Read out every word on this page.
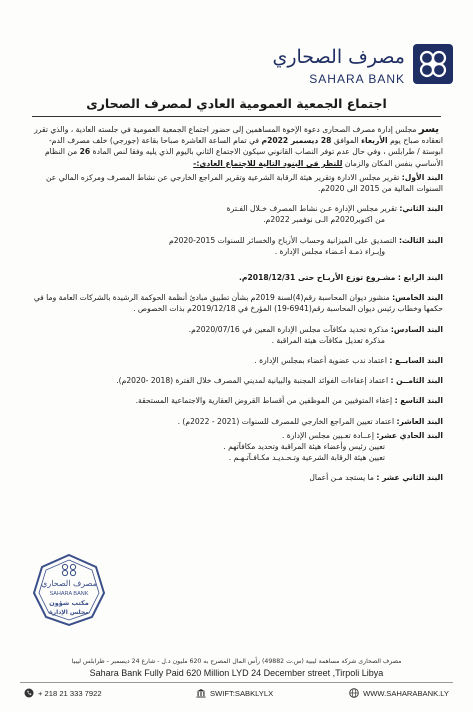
مصرف الصحاري
SAHARA BANK
اجتماع الجمعية العمومية العادي لمصرف الصحارى

يسر مجلس إدارة مصرف الصحارى دعوة الإخوة المساهمين إلى حضور اجتماع الجمعية العمومية في جلسته العادية ، والذي تقرر انعقاده صباح يوم الأربعاء الموافق 28 ديسمبر 2022م في تمام الساعة العاشرة صباحا بقاعة (جورجي) خلف مصرف الدم- ابوستة / طرابلس ، وفي حال عدم توفر النصاب القانوني سيكون الاجتماع الثاني باليوم الذي يليه وفقا لنص المادة 26 من النظام الأساسي بنفس المكان والزمان للنظر في البنود التالية للاجتماع العادي:-

البند الأول: تقرير مجلس الادارة وتقرير هيئة الرقابة الشرعية وتقرير المراجع الخارجي عن نشاط المصرف ومركزه المالي عن السنوات المالية من 2015 الى 2020م.
البند الثاني: تقرير مجلس الإدارة عـن نشاط المصرف خـلال الفـترة
من اكتوبر2020م الـى نوفمبر 2022م.
البند الثالث: التصديق على الميزانية وحساب الأرباح والخسائر للسنوات 2015-2020م
وإبـراء ذمـة أعـضاء مجلس الإدارة .
البند الرابع : مشـروع توزع الأربـاح حتى 2018/12/31م.
البند الخامس: منشور ديوان المحاسبة رقم(4)لسنة 2019م بشأن تطبيق مبادئ أنظمة الحوكمة الرشيدة بالشركات العامة وما في حكمها وخطاب رئيس ديوان المحاسبة رقم(6941-19) المؤرخ في 2019/12/18م بذات الخصوص .
البند السادس: مذكرة تحديد مكافآت مجلس الإدارة المعين في 2020/07/16م.
مذكرة تعديل مكافآت هيئة المراقبة .
البند السابــع : اعتماد ندب عضوية أعضاء بمجلس الإدارة .
البند الثامــن : اعتماد إعفاءات الفوائد المجنبة والبيانية لمديني المصرف خلال الفترة (2018 -2020م).
البند التاسع : إعفاء المتوفيين من الموظفين من أقساط القروض العقارية والاجتماعية المستحقة.
البند العاشر: اعتماد تعيين المراجع الخارجي للمصرف للسنوات (2021 - 2022م) .
البند الحادي عشر: إعــادة تعـيين مجلس الإدارة .
تعيين رئيس وأعضاء هيئة المراقبة وتحديد مكافآتهم .
تعيين هيئة الرقابة الشرعية وتـحـديـد مكـافـآتـهـم .
البند الثاني عشر : ما يستجد مـن أعمال
مصرف الصحاري
SAHARA BANK
مكتب شؤون
مجلس الإدارة
مصرف الصحارى شركة مساهمة ليبية (س.ت 49882) رأس المال المصرح به 620 مليون د.ل - شارع 24 ديسمبر - طرابلس ليبيا
Sahara Bank Fully Paid 620 Million LYD 24 December street ,Tirpoli Libya
+ 218 21 333 7922	SWIFT:SABKLYLX	WWW.SAHARABANK.LY
